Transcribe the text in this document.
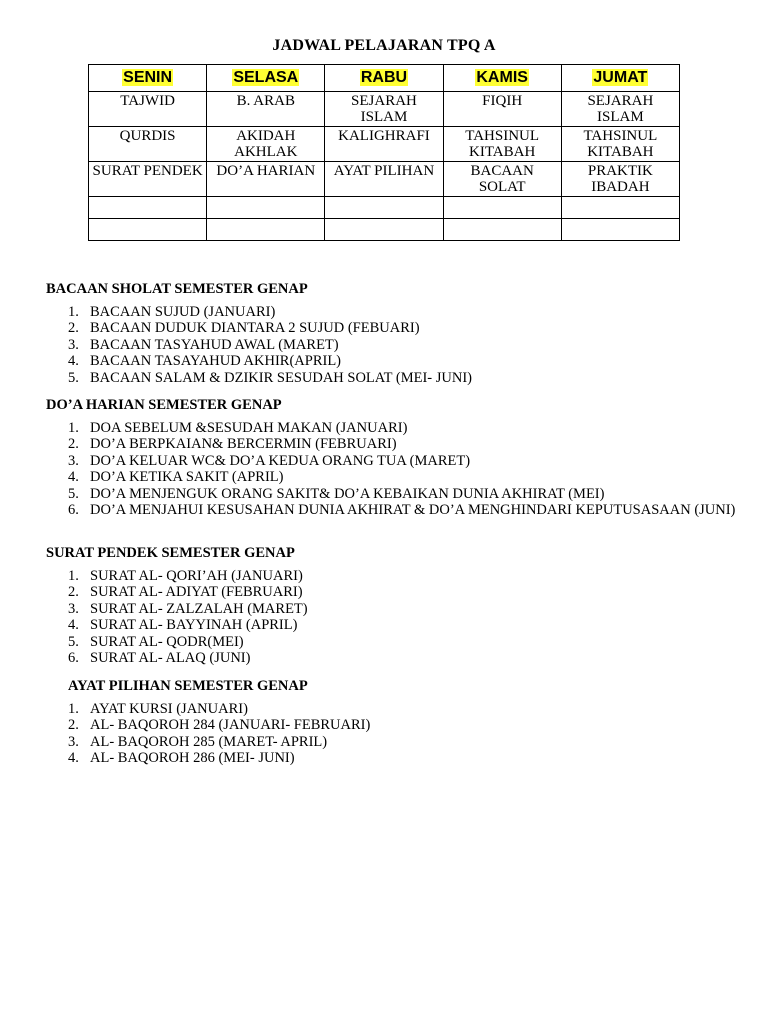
JADWAL PELAJARAN TPQ A
SENIN	SELASA	RABU	KAMIS	JUMAT
TAJWID	B. ARAB	SEJARAH ISLAM	FIQIH	SEJARAH ISLAM
QURDIS	AKIDAH AKHLAK	KALIGHRAFI	TAHSINUL KITABAH	TAHSINUL KITABAH
SURAT PENDEK	DO’A HARIAN	AYAT PILIHAN	BACAAN SOLAT	PRAKTIK IBADAH

BACAAN SHOLAT SEMESTER GENAP
1. BACAAN SUJUD (JANUARI)
2. BACAAN DUDUK DIANTARA 2 SUJUD (FEBUARI)
3. BACAAN TASYAHUD AWAL (MARET)
4. BACAAN TASAYAHUD AKHIR(APRIL)
5. BACAAN SALAM & DZIKIR SESUDAH SOLAT (MEI- JUNI)
DO’A HARIAN SEMESTER GENAP
1. DOA SEBELUM &SESUDAH MAKAN (JANUARI)
2. DO’A BERPKAIAN& BERCERMIN (FEBRUARI)
3. DO’A KELUAR WC& DO’A KEDUA ORANG TUA (MARET)
4. DO’A KETIKA SAKIT (APRIL)
5. DO’A MENJENGUK ORANG SAKIT& DO’A KEBAIKAN DUNIA AKHIRAT (MEI)
6. DO’A MENJAHUI KESUSAHAN DUNIA AKHIRAT & DO’A MENGHINDARI KEPUTUSASAAN (JUNI)
SURAT PENDEK SEMESTER GENAP
1. SURAT AL- QORI’AH (JANUARI)
2. SURAT AL- ADIYAT (FEBRUARI)
3. SURAT AL- ZALZALAH (MARET)
4. SURAT AL- BAYYINAH (APRIL)
5. SURAT AL- QODR(MEI)
6. SURAT AL- ALAQ (JUNI)
AYAT PILIHAN SEMESTER GENAP
1. AYAT KURSI (JANUARI)
2. AL- BAQOROH 284 (JANUARI- FEBRUARI)
3. AL- BAQOROH 285 (MARET- APRIL)
4. AL- BAQOROH 286 (MEI- JUNI)
